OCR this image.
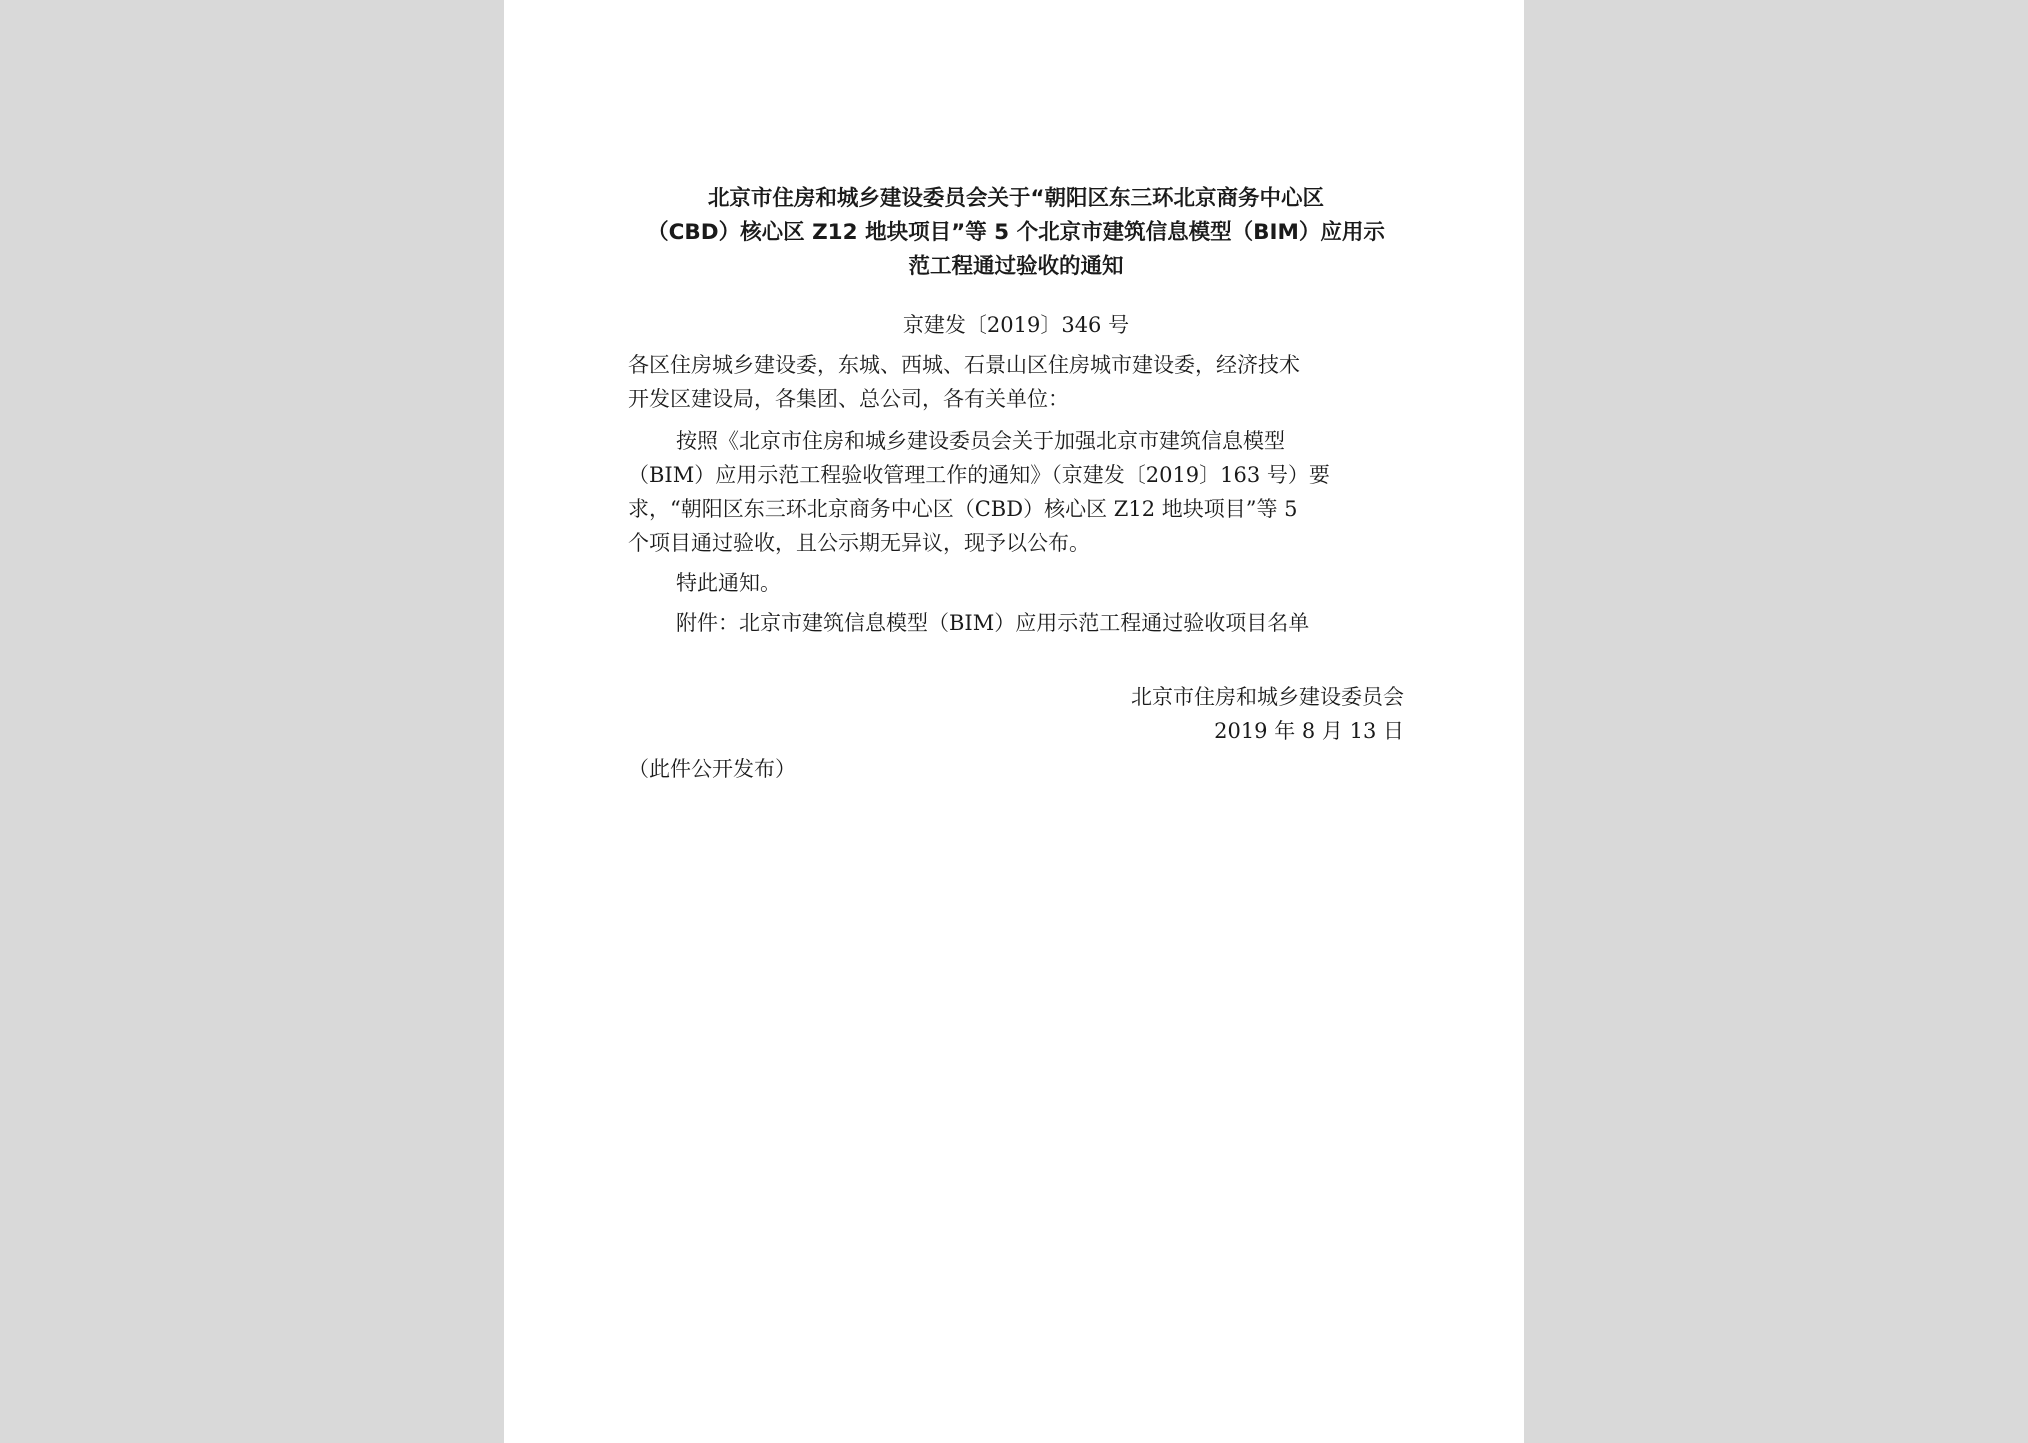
北京市住房和城乡建设委员会关于“朝阳区东三环北京商务中心区
（CBD）核心区 Z12 地块项目”等 5 个北京市建筑信息模型（BIM）应用示
范工程通过验收的通知
京建发〔2019〕346 号

各区住房城乡建设委，东城、西城、石景山区住房城市建设委，经济技术
开发区建设局，各集团、总公司，各有关单位：

按照《北京市住房和城乡建设委员会关于加强北京市建筑信息模型
（BIM）应用示范工程验收管理工作的通知》（京建发〔2019〕163 号）要
求，“朝阳区东三环北京商务中心区（CBD）核心区 Z12 地块项目”等 5
个项目通过验收，且公示期无异议，现予以公布。

特此通知。

附件：北京市建筑信息模型（BIM）应用示范工程通过验收项目名单

北京市住房和城乡建设委员会
2019 年 8 月 13 日
（此件公开发布）
